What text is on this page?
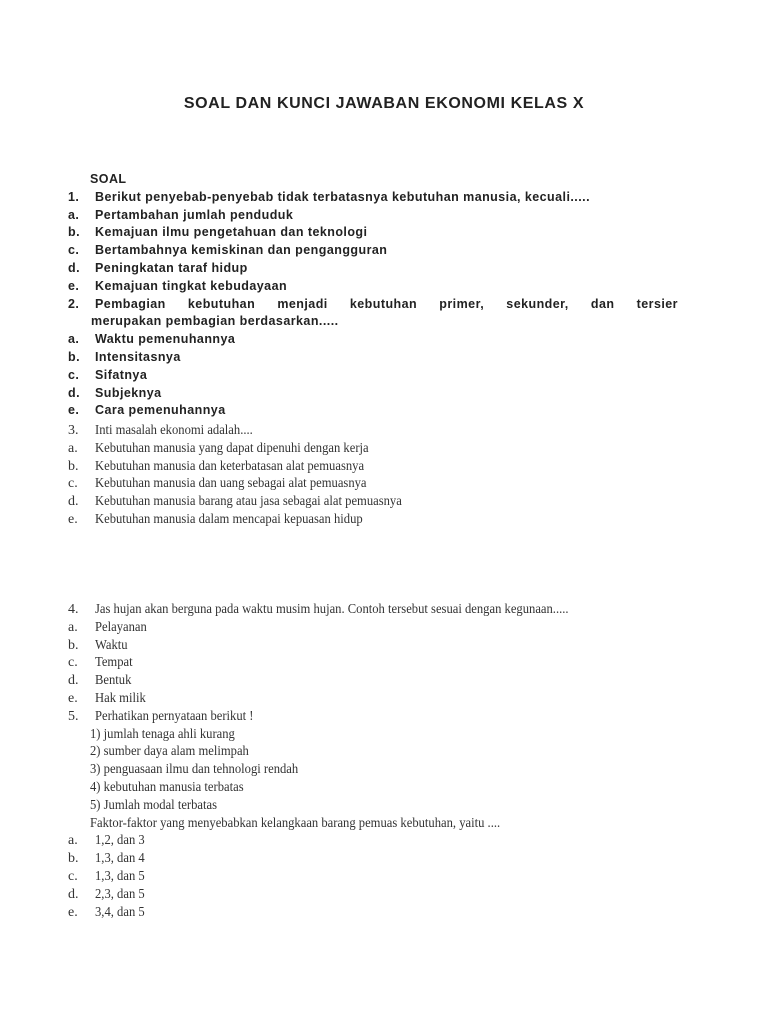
SOAL DAN KUNCI JAWABAN EKONOMI KELAS X
SOAL
1. Berikut penyebab-penyebab tidak terbatasnya kebutuhan manusia, kecuali.....
a. Pertambahan jumlah penduduk
b. Kemajuan ilmu pengetahuan dan teknologi
c. Bertambahnya kemiskinan dan pengangguran
d. Peningkatan taraf hidup
e. Kemajuan tingkat kebudayaan
2. Pembagian kebutuhan menjadi kebutuhan primer, sekunder, dan tersier
merupakan pembagian berdasarkan.....
a. Waktu pemenuhannya
b. Intensitasnya
c. Sifatnya
d. Subjeknya
e. Cara pemenuhannya
3. Inti masalah ekonomi adalah....
a. Kebutuhan manusia yang dapat dipenuhi dengan kerja
b. Kebutuhan manusia dan keterbatasan alat pemuasnya
c. Kebutuhan manusia dan uang sebagai alat pemuasnya
d. Kebutuhan manusia barang atau jasa sebagai alat pemuasnya
e. Kebutuhan manusia dalam mencapai kepuasan hidup
4. Jas hujan akan berguna pada waktu musim hujan. Contoh tersebut sesuai dengan kegunaan.....
a. Pelayanan
b. Waktu
c. Tempat
d. Bentuk
e. Hak milik
5. Perhatikan pernyataan berikut !
1) jumlah tenaga ahli kurang
2) sumber daya alam melimpah
3) penguasaan ilmu dan tehnologi rendah
4) kebutuhan manusia terbatas
5) Jumlah modal terbatas
Faktor-faktor yang menyebabkan kelangkaan barang pemuas kebutuhan, yaitu ....
a. 1,2, dan 3
b. 1,3, dan 4
c. 1,3, dan 5
d. 2,3, dan 5
e. 3,4, dan 5
